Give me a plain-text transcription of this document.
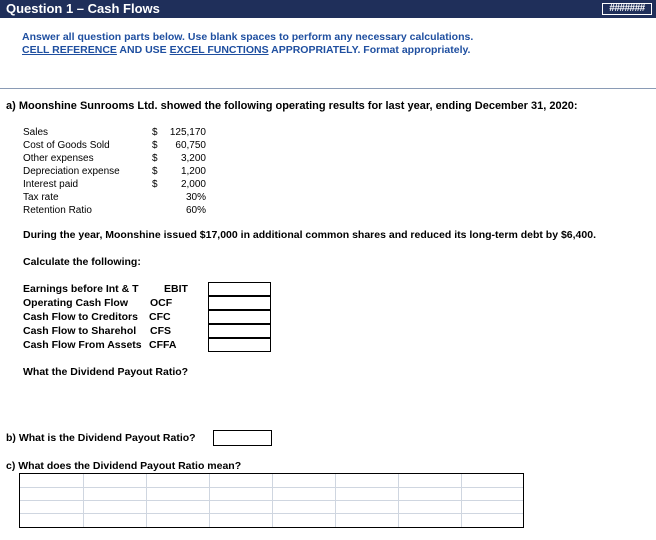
Question 1 – Cash Flows	#######
Answer all question parts below. Use blank spaces to perform any necessary calculations.
CELL REFERENCE AND USE EXCEL FUNCTIONS APPROPRIATELY. Format appropriately.
a) Moonshine Sunrooms Ltd. showed the following operating results for last year, ending December 31, 2020:
Sales	$ 125,170
Cost of Goods Sold	$ 60,750
Other expenses	$ 3,200
Depreciation expense	$ 1,200
Interest paid	$ 2,000
Tax rate	30%
Retention Ratio	60%
During the year, Moonshine issued $17,000 in additional common shares and reduced its long-term debt by $6,400.
Calculate the following:
Earnings before Int & T EBIT
Operating Cash Flow OCF
Cash Flow to Creditors CFC
Cash Flow to Sharehol CFS
Cash Flow From Assets CFFA
What the Dividend Payout Ratio?
b) What is the Dividend Payout Ratio?
c) What does the Dividend Payout Ratio mean?
